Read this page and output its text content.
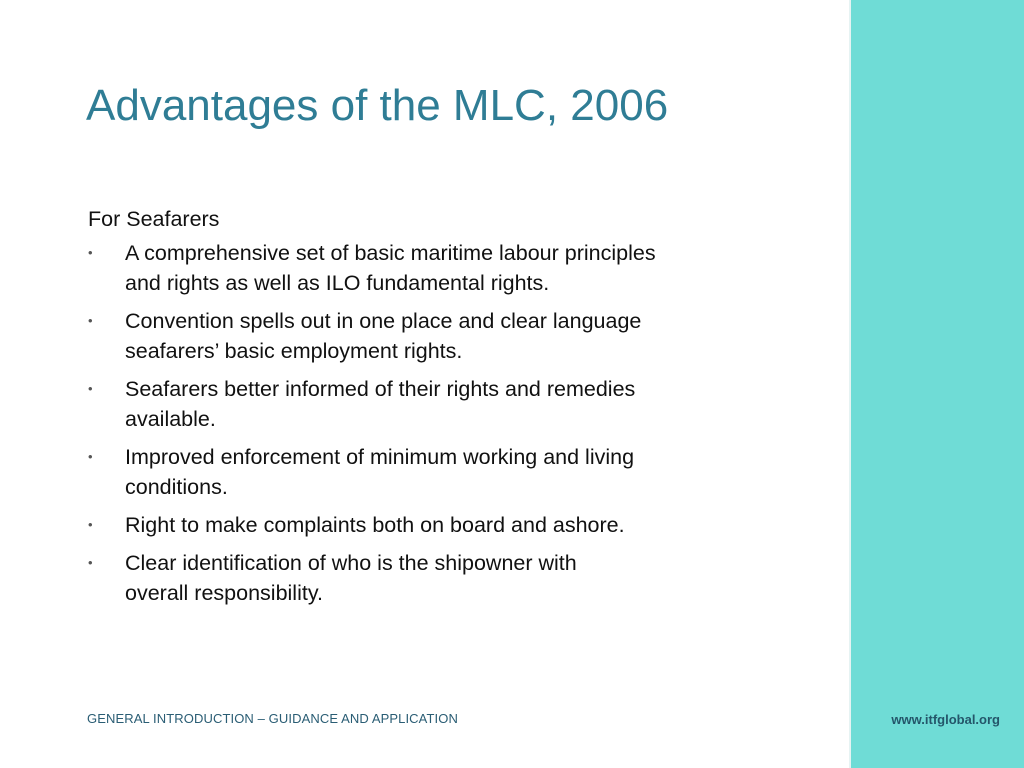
Advantages of the MLC, 2006
For Seafarers
• A comprehensive set of basic maritime labour principles
and rights as well as ILO fundamental rights.
• Convention spells out in one place and clear language
seafarers’ basic employment rights.
• Seafarers better informed of their rights and remedies
available.
• Improved enforcement of minimum working and living
conditions.
• Right to make complaints both on board and ashore.
• Clear identification of who is the shipowner with
overall responsibility.
GENERAL INTRODUCTION – GUIDANCE AND APPLICATION	www.itfglobal.org
